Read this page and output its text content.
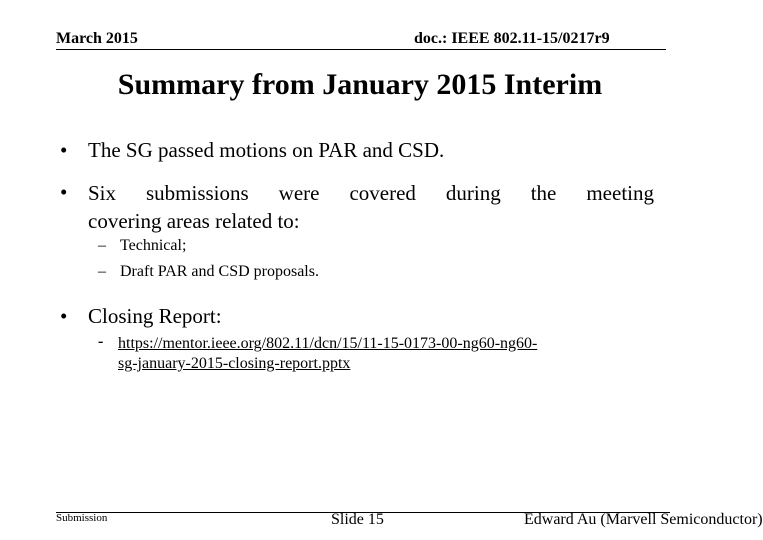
March 2015	doc.: IEEE 802.11-15/0217r9
Summary from January 2015 Interim
• The SG passed motions on PAR and CSD.
• Six submissions were covered during the meeting
covering areas related to:
– Technical;
– Draft PAR and CSD proposals.
• Closing Report:
- https://mentor.ieee.org/802.11/dcn/15/11-15-0173-00-ng60-ng60-
sg-january-2015-closing-report.pptx
Submission	Slide 15	Edward Au (Marvell Semiconductor)
